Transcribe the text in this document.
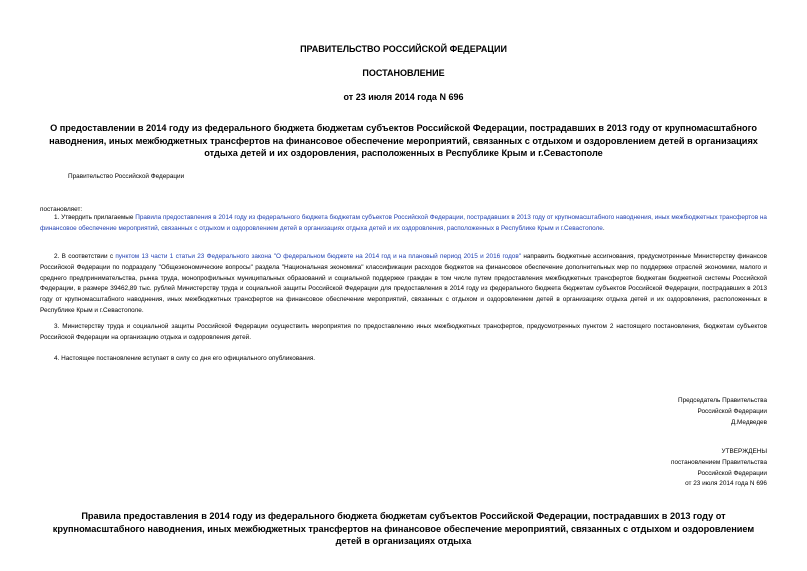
ПРАВИТЕЛЬСТВО РОССИЙСКОЙ ФЕДЕРАЦИИ
ПОСТАНОВЛЕНИЕ
от 23 июля 2014 года N 696
О предоставлении в 2014 году из федерального бюджета бюджетам субъектов Российской Федерации, пострадавших в 2013 году от крупномасштабного наводнения, иных межбюджетных трансфертов на финансовое обеспечение мероприятий, связанных с отдыхом и оздоровлением детей в организациях отдыха детей и их оздоровления, расположенных в Республике Крым и г.Севастополе
Правительство Российской Федерации
постановляет:
1. Утвердить прилагаемые Правила предоставления в 2014 году из федерального бюджета бюджетам субъектов Российской Федерации, пострадавших в 2013 году от крупномасштабного наводнения, иных межбюджетных трансфертов на финансовое обеспечение мероприятий, связанных с отдыхом и оздоровлением детей в организациях отдыха детей и их оздоровления, расположенных в Республике Крым и г.Севастополе.
2. В соответствии с пунктом 13 части 1 статьи 23 Федерального закона "О федеральном бюджете на 2014 год и на плановый период 2015 и 2016 годов" направить бюджетные ассигнования, предусмотренные Министерству финансов Российской Федерации по подразделу "Общеэкономические вопросы" раздела "Национальная экономика" классификации расходов бюджетов на финансовое обеспечение дополнительных мер по поддержке отраслей экономики, малого и среднего предпринимательства, рынка труда, монопрофильных муниципальных образований и социальной поддержке граждан в том числе путем предоставления межбюджетных трансфертов бюджетам бюджетной системы Российской Федерации, в размере 39462,89 тыс. рублей Министерству труда и социальной защиты Российской Федерации для предоставления в 2014 году из федерального бюджета бюджетам субъектов Российской Федерации, пострадавших в 2013 году от крупномасштабного наводнения, иных межбюджетных трансфертов на финансовое обеспечение мероприятий, связанных с отдыхом и оздоровлением детей в организациях отдыха детей и их оздоровления, расположенных в Республике Крым и г.Севастополе.
3. Министерству труда и социальной защиты Российской Федерации осуществить мероприятия по предоставлению иных межбюджетных трансфертов, предусмотренных пунктом 2 настоящего постановления, бюджетам субъектов Российской Федерации на организацию отдыха и оздоровления детей.
4. Настоящее постановление вступает в силу со дня его официального опубликования.
Председатель Правительства
Российской Федерации
Д.Медведев
УТВЕРЖДЕНЫ
постановлением Правительства
Российской Федерации
от 23 июля 2014 года N 696
Правила предоставления в 2014 году из федерального бюджета бюджетам субъектов Российской Федерации, пострадавших в 2013 году от крупномасштабного наводнения, иных межбюджетных трансфертов на финансовое обеспечение мероприятий, связанных с отдыхом и оздоровлением детей в организациях отдыха
